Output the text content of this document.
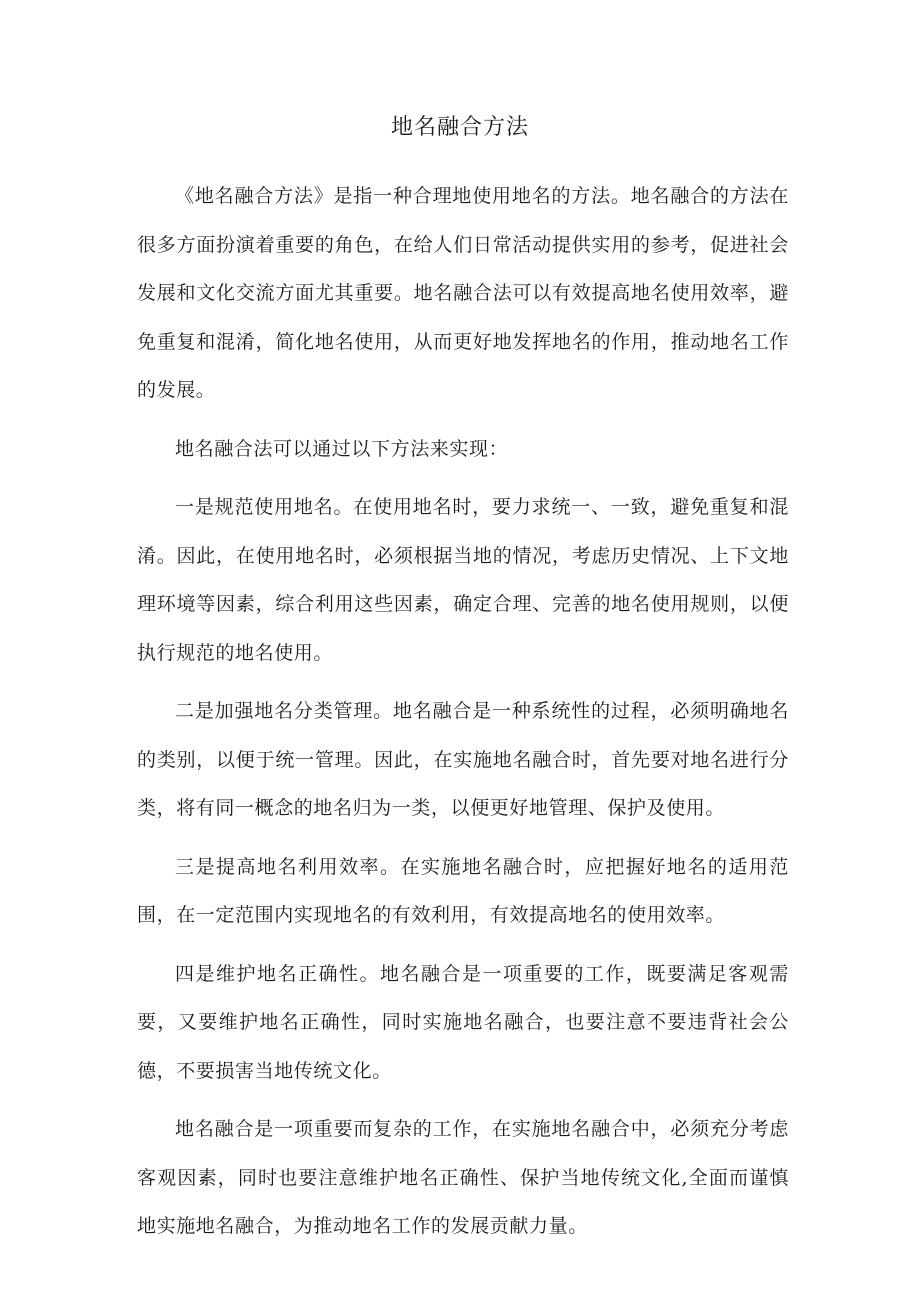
地名融合方法

《地名融合方法》是指一种合理地使用地名的方法。地名融合的方法在很多方面扮演着重要的角色，在给人们日常活动提供实用的参考，促进社会发展和文化交流方面尤其重要。地名融合法可以有效提高地名使用效率，避免重复和混淆，简化地名使用，从而更好地发挥地名的作用，推动地名工作的发展。

地名融合法可以通过以下方法来实现：

一是规范使用地名。在使用地名时，要力求统一、一致，避免重复和混淆。因此，在使用地名时，必须根据当地的情况，考虑历史情况、上下文地理环境等因素，综合利用这些因素，确定合理、完善的地名使用规则，以便执行规范的地名使用。

二是加强地名分类管理。地名融合是一种系统性的过程，必须明确地名的类别，以便于统一管理。因此，在实施地名融合时，首先要对地名进行分类，将有同一概念的地名归为一类，以便更好地管理、保护及使用。

三是提高地名利用效率。在实施地名融合时，应把握好地名的适用范围，在一定范围内实现地名的有效利用，有效提高地名的使用效率。

四是维护地名正确性。地名融合是一项重要的工作，既要满足客观需要，又要维护地名正确性，同时实施地名融合，也要注意不要违背社会公德，不要损害当地传统文化。

地名融合是一项重要而复杂的工作，在实施地名融合中，必须充分考虑客观因素，同时也要注意维护地名正确性、保护当地传统文化,全面而谨慎地实施地名融合，为推动地名工作的发展贡献力量。
